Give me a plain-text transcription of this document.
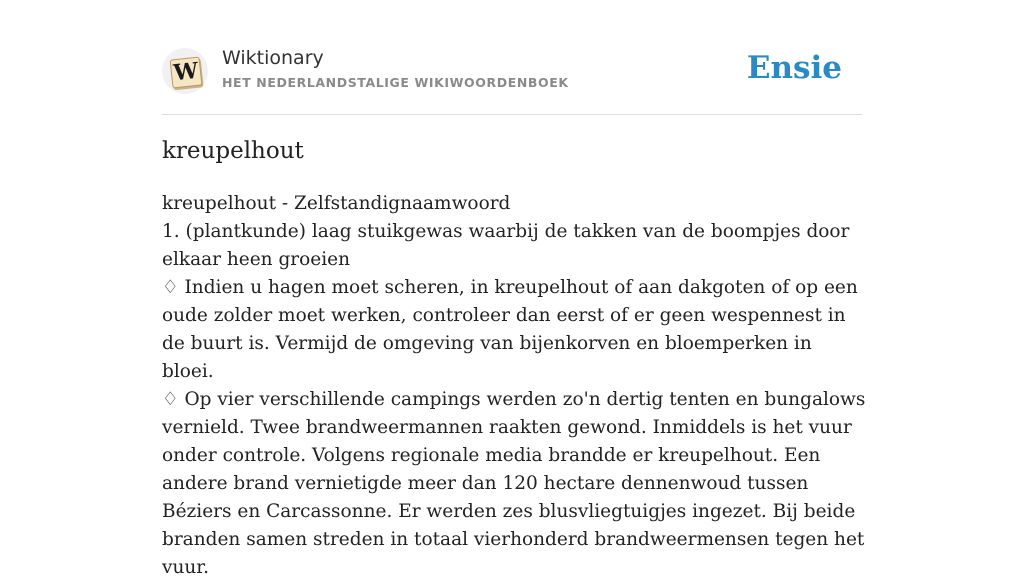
W Wiktionary
HET NEDERLANDSTALIGE WIKIWOORDENBOEK	Ensie
kreupelhout

kreupelhout - Zelfstandignaamwoord

1. (plantkunde) laag stuikgewas waarbij de takken van de boompjes door elkaar heen groeien

♢ Indien u hagen moet scheren, in kreupelhout of aan dakgoten of op een oude zolder moet werken, controleer dan eerst of er geen wespennest in de buurt is. Vermijd de omgeving van bijenkorven en bloemperken in bloei.

♢ Op vier verschillende campings werden zo'n dertig tenten en bungalows vernield. Twee brandweermannen raakten gewond. Inmiddels is het vuur onder controle. Volgens regionale media brandde er kreupelhout. Een andere brand vernietigde meer dan 120 hectare dennenwoud tussen Béziers en Carcassonne. Er werden zes blusvliegtuigjes ingezet. Bij beide branden samen streden in totaal vierhonderd brandweermensen tegen het vuur.
